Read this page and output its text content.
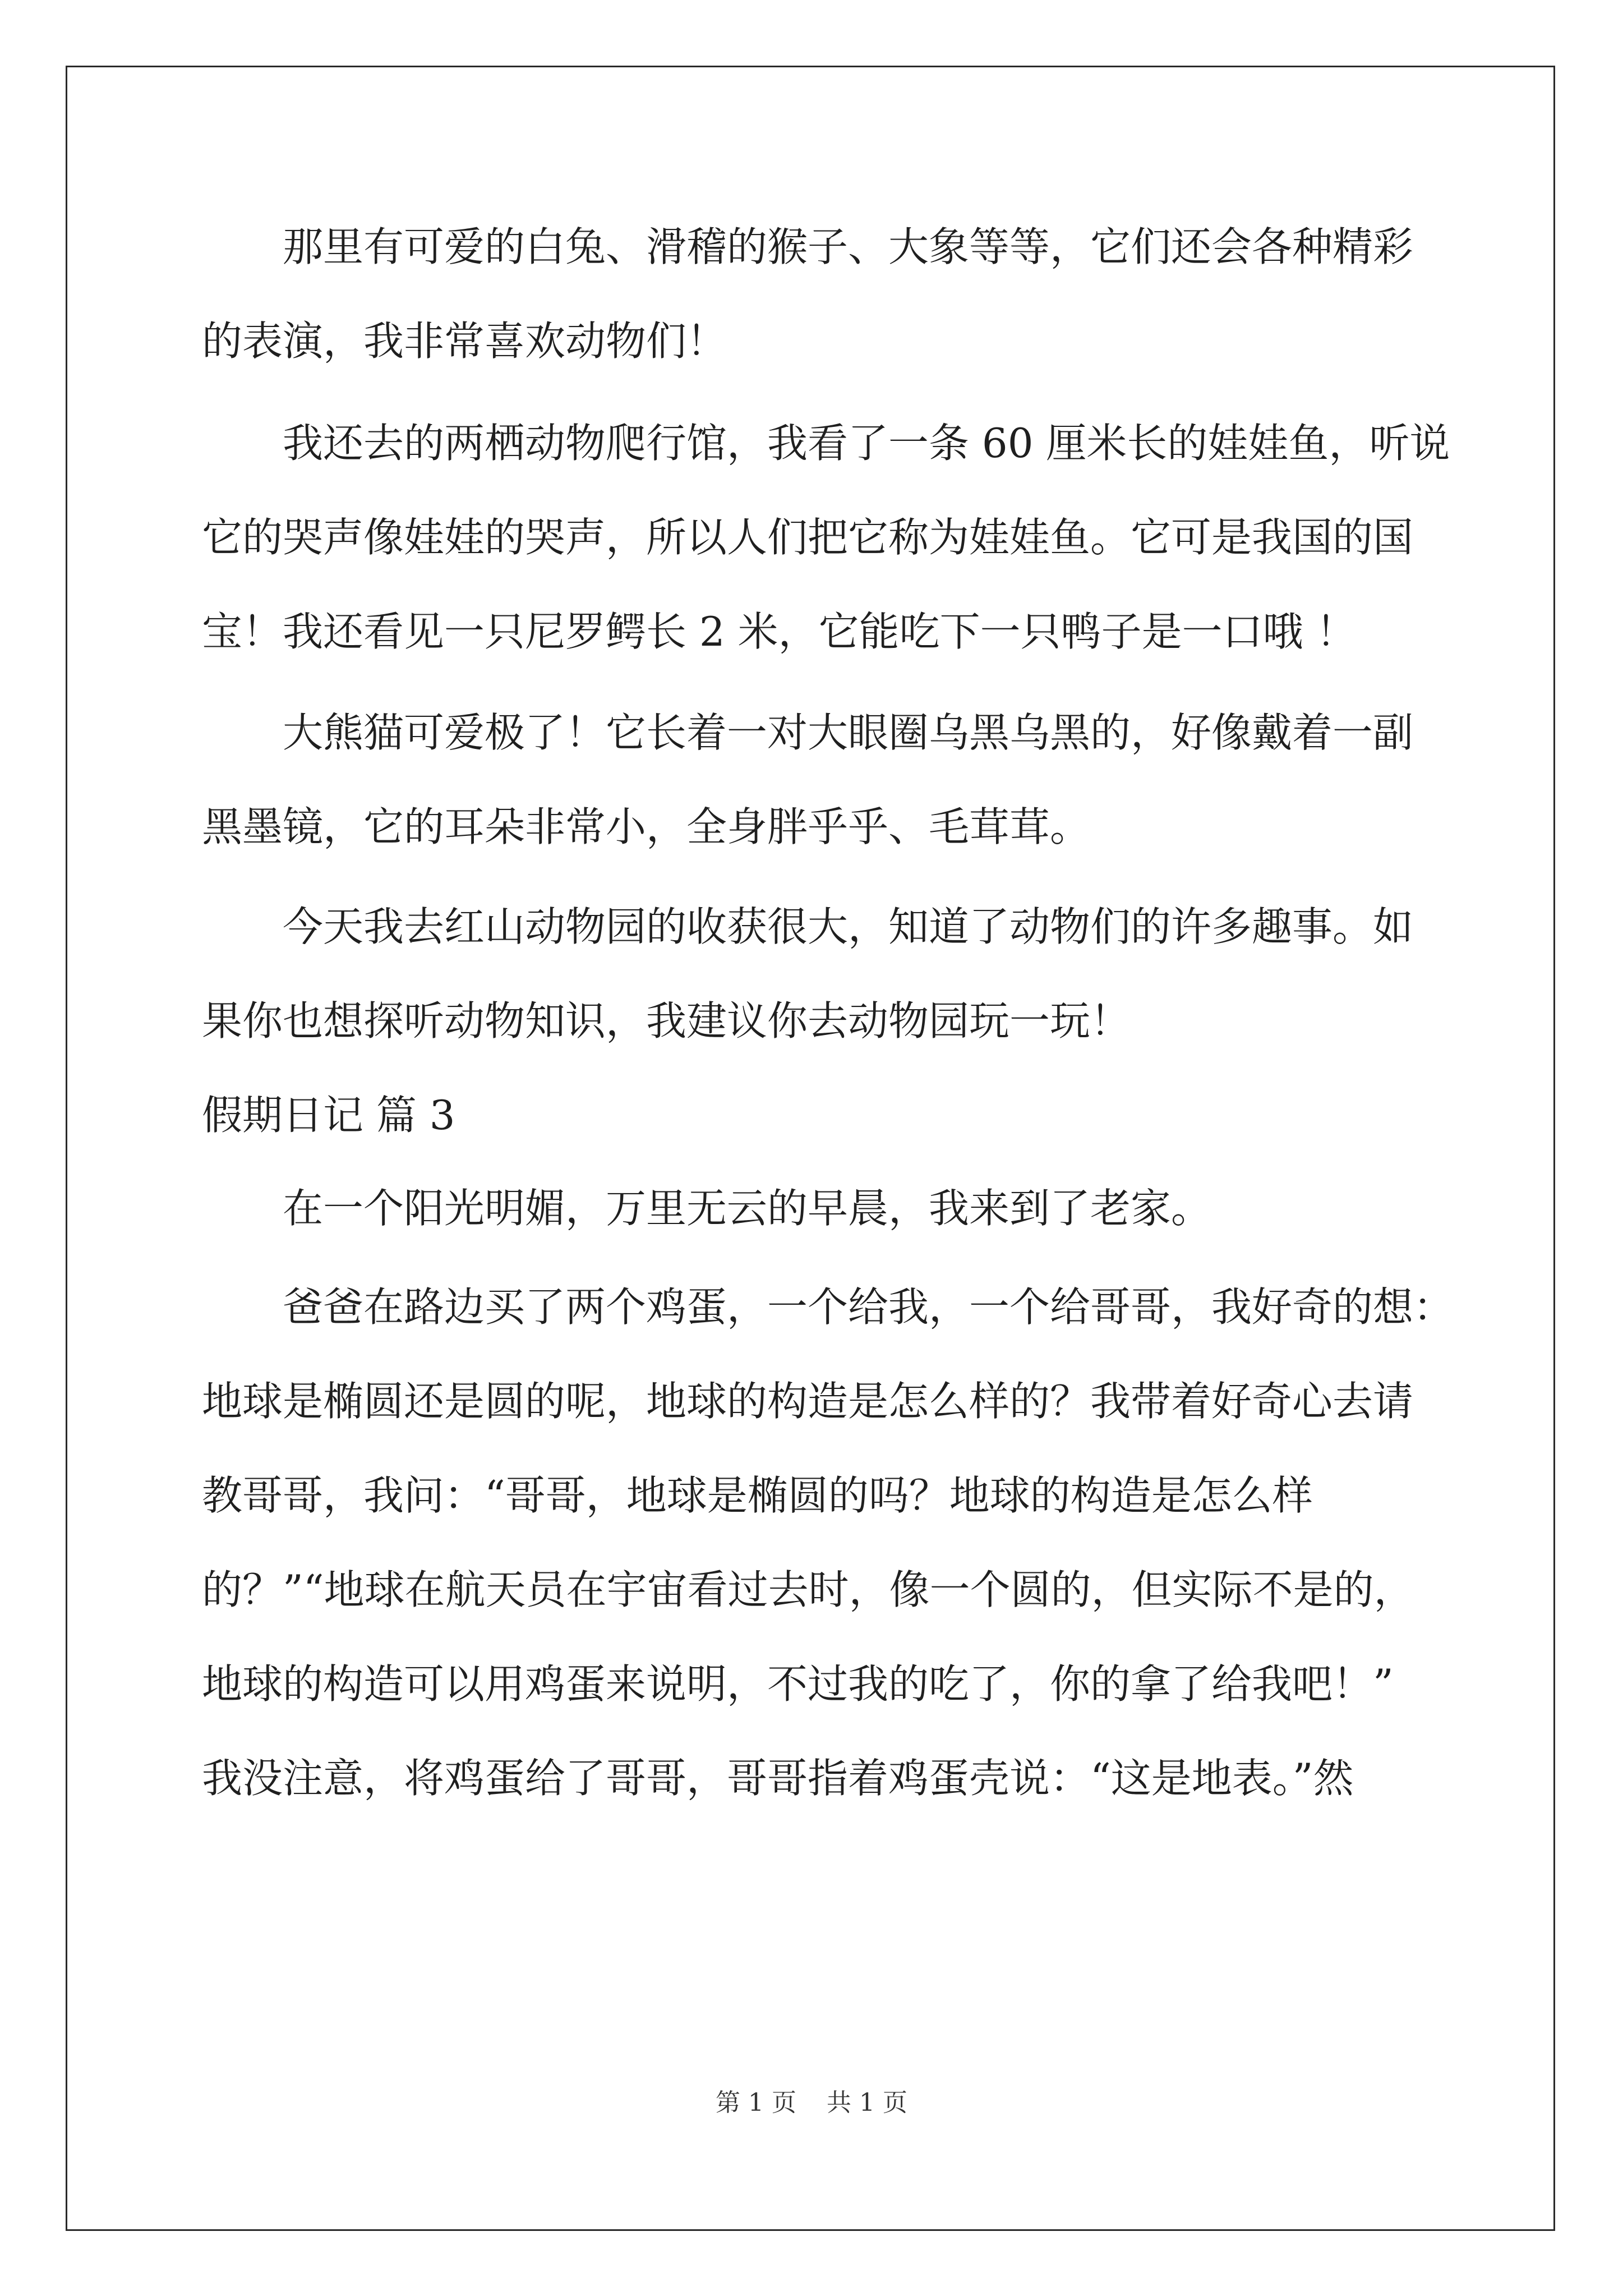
那里有可爱的白兔、滑稽的猴子、大象等等，它们还会各种精彩
的表演，我非常喜欢动物们！
我还去的两栖动物爬行馆，我看了一条 60 厘米长的娃娃鱼，听说
它的哭声像娃娃的哭声，所以人们把它称为娃娃鱼。它可是我国的国
宝！我还看见一只尼罗鳄长 2 米，它能吃下一只鸭子是一口哦 ！
大熊猫可爱极了！它长着一对大眼圈乌黑乌黑的，好像戴着一副
黑墨镜，它的耳朵非常小，全身胖乎乎、毛茸茸。
今天我去红山动物园的收获很大，知道了动物们的许多趣事。如
果你也想探听动物知识，我建议你去动物园玩一玩！
假期日记 篇 3
在一个阳光明媚，万里无云的早晨，我来到了老家。
爸爸在路边买了两个鸡蛋，一个给我，一个给哥哥，我好奇的想：
地球是椭圆还是圆的呢，地球的构造是怎么样的？我带着好奇心去请
教哥哥，我问：“哥哥，地球是椭圆的吗？地球的构造是怎么样
的？”“地球在航天员在宇宙看过去时，像一个圆的，但实际不是的，
地球的构造可以用鸡蛋来说明，不过我的吃了，你的拿了给我吧！”
我没注意，将鸡蛋给了哥哥，哥哥指着鸡蛋壳说：“这是地表。”然
第 1 页 共 1 页
